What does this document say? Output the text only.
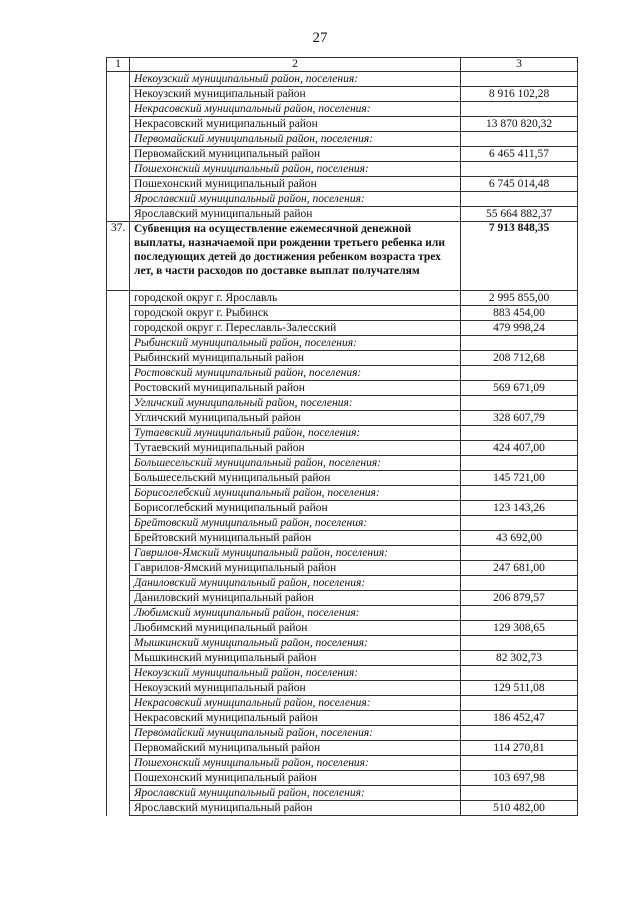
27
1	2	3
	Некоузский муниципальный район, поселения:	
	Некоузский муниципальный район	8 916 102,28
	Некрасовский муниципальный район, поселения:	
	Некрасовский муниципальный район	13 870 820,32
	Первомайский муниципальный район, поселения:	
	Первомайский муниципальный район	6 465 411,57
	Пошехонский муниципальный район, поселения:	
	Пошехонский муниципальный район	6 745 014,48
	Ярославский муниципальный район, поселения:	
	Ярославский муниципальный район	55 664 882,37
37.	Субвенция на осуществление ежемесячной денежной выплаты, назначаемой при рождении третьего ребенка или последующих детей до достижения ребенком возраста трех лет, в части расходов по доставке выплат получателям	7 913 848,35
	городской округ г. Ярославль	2 995 855,00
	городской округ г. Рыбинск	883 454,00
	городской округ г. Переславль-Залесский	479 998,24
	Рыбинский муниципальный район, поселения:	
	Рыбинский муниципальный район	208 712,68
	Ростовский муниципальный район, поселения:	
	Ростовский муниципальный район	569 671,09
	Угличский муниципальный район, поселения:	
	Угличский муниципальный район	328 607,79
	Тутаевский муниципальный район, поселения:	
	Тутаевский муниципальный район	424 407,00
	Большесельский муниципальный район, поселения:	
	Большесельский муниципальный район	145 721,00
	Борисоглебский муниципальный район, поселения:	
	Борисоглебский муниципальный район	123 143,26
	Брейтовский муниципальный район, поселения:	
	Брейтовский муниципальный район	43 692,00
	Гаврилов-Ямский муниципальный район, поселения:	
	Гаврилов-Ямский муниципальный район	247 681,00
	Даниловский муниципальный район, поселения:	
	Даниловский муниципальный район	206 879,57
	Любимский муниципальный район, поселения:	
	Любимский муниципальный район	129 308,65
	Мышкинский муниципальный район, поселения:	
	Мышкинский муниципальный район	82 302,73
	Некоузский муниципальный район, поселения:	
	Некоузский муниципальный район	129 511,08
	Некрасовский муниципальный район, поселения:	
	Некрасовский муниципальный район	186 452,47
	Первомайский муниципальный район, поселения:	
	Первомайский муниципальный район	114 270,81
	Пошехонский муниципальный район, поселения:	
	Пошехонский муниципальный район	103 697,98
	Ярославский муниципальный район, поселения:	
	Ярославский муниципальный район	510 482,00
